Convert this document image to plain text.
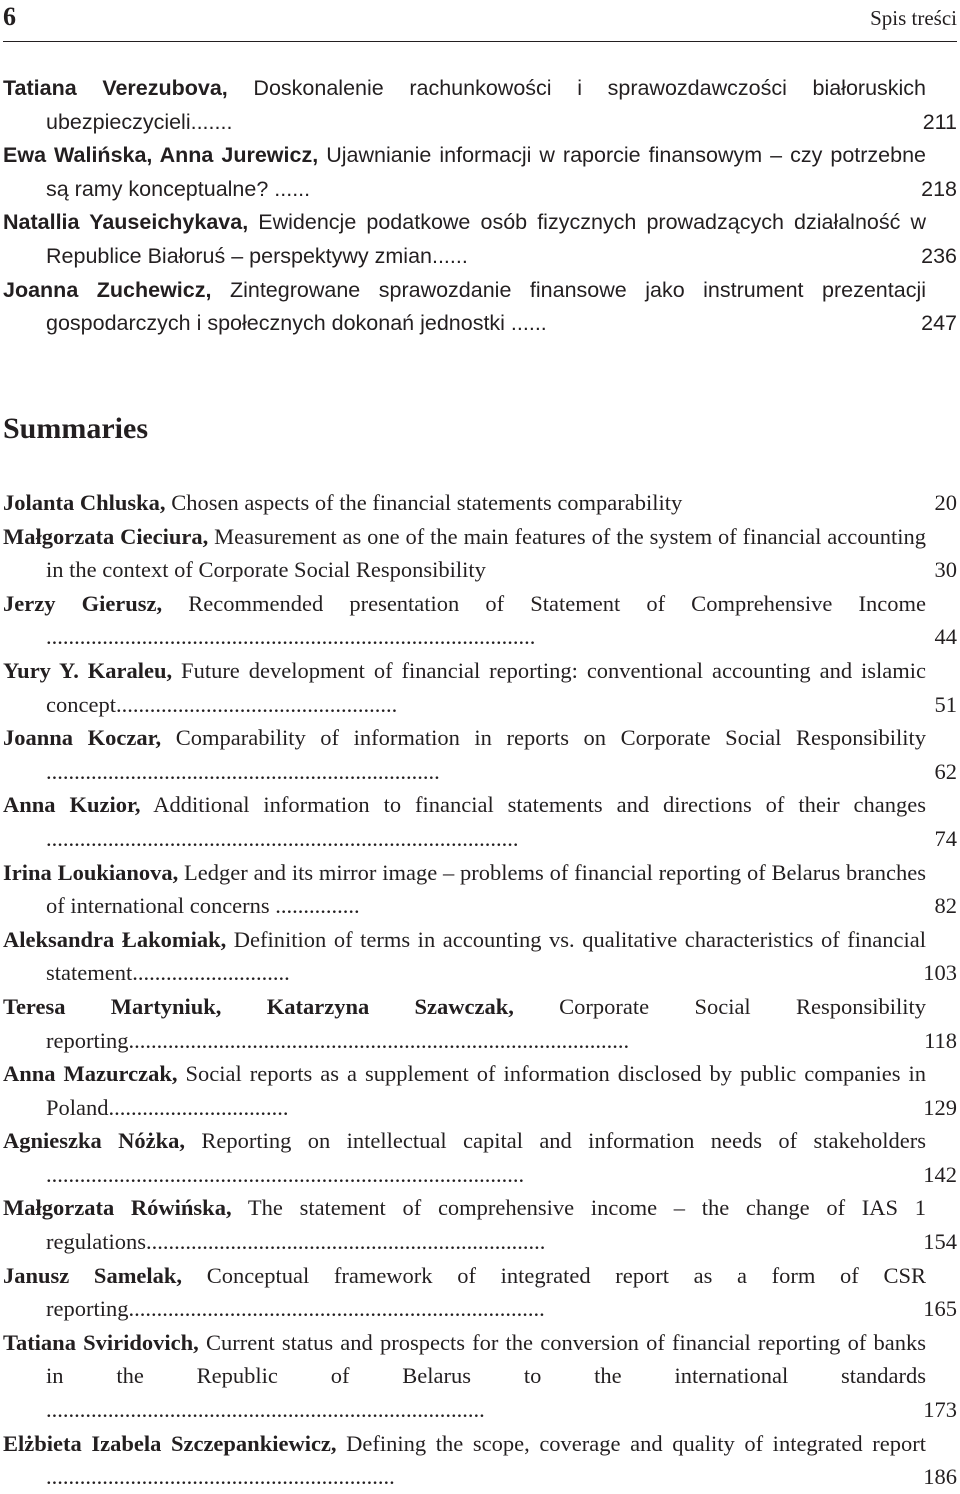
6	Spis treści

Tatiana Verezubova, Doskonalenie rachunkowości i sprawozdawczości białoruskich ubezpieczycieli.......	211

Ewa Walińska, Anna Jurewicz, Ujawnianie informacji w raporcie finansowym – czy potrzebne są ramy konceptualne? ......	218

Natallia Yauseichykava, Ewidencje podatkowe osób fizycznych prowadzących działalność w Republice Białoruś – perspektywy zmian......	236

Joanna Zuchewicz, Zintegrowane sprawozdanie finansowe jako instrument prezentacji gospodarczych i społecznych dokonań jednostki ......	247

Summaries

Jolanta Chluska, Chosen aspects of the financial statements comparability	20

Małgorzata Cieciura, Measurement as one of the main features of the system of financial accounting in the context of Corporate Social Responsibility	30

Jerzy Gierusz, Recommended presentation of Statement of Comprehensive Income .......................................................................................	44

Yury Y. Karaleu, Future development of financial reporting: conventional accounting and islamic concept..................................................	51

Joanna Koczar, Comparability of information in reports on Corporate Social Responsibility ......................................................................	62

Anna Kuzior, Additional information to financial statements and directions of their changes ....................................................................................	74

Irina Loukianova, Ledger and its mirror image – problems of financial reporting of Belarus branches of international concerns ...............	82

Aleksandra Łakomiak, Definition of terms in accounting vs. qualitative characteristics of financial statement............................	103

Teresa Martyniuk, Katarzyna Szawczak, Corporate Social Responsibility reporting.........................................................................................	118

Anna Mazurczak, Social reports as a supplement of information disclosed by public companies in Poland................................	129

Agnieszka Nóżka, Reporting on intellectual capital and information needs of stakeholders .....................................................................................	142

Małgorzata Rówińska, The statement of comprehensive income – the change of IAS 1 regulations.......................................................................	154

Janusz Samelak, Conceptual framework of integrated report as a form of CSR reporting..........................................................................	165

Tatiana Sviridovich, Current status and prospects for the conversion of financial reporting of banks in the Republic of Belarus to the international standards ..............................................................................	173

Elżbieta Izabela Szczepankiewicz, Defining the scope, coverage and quality of integrated report ..............................................................	186
